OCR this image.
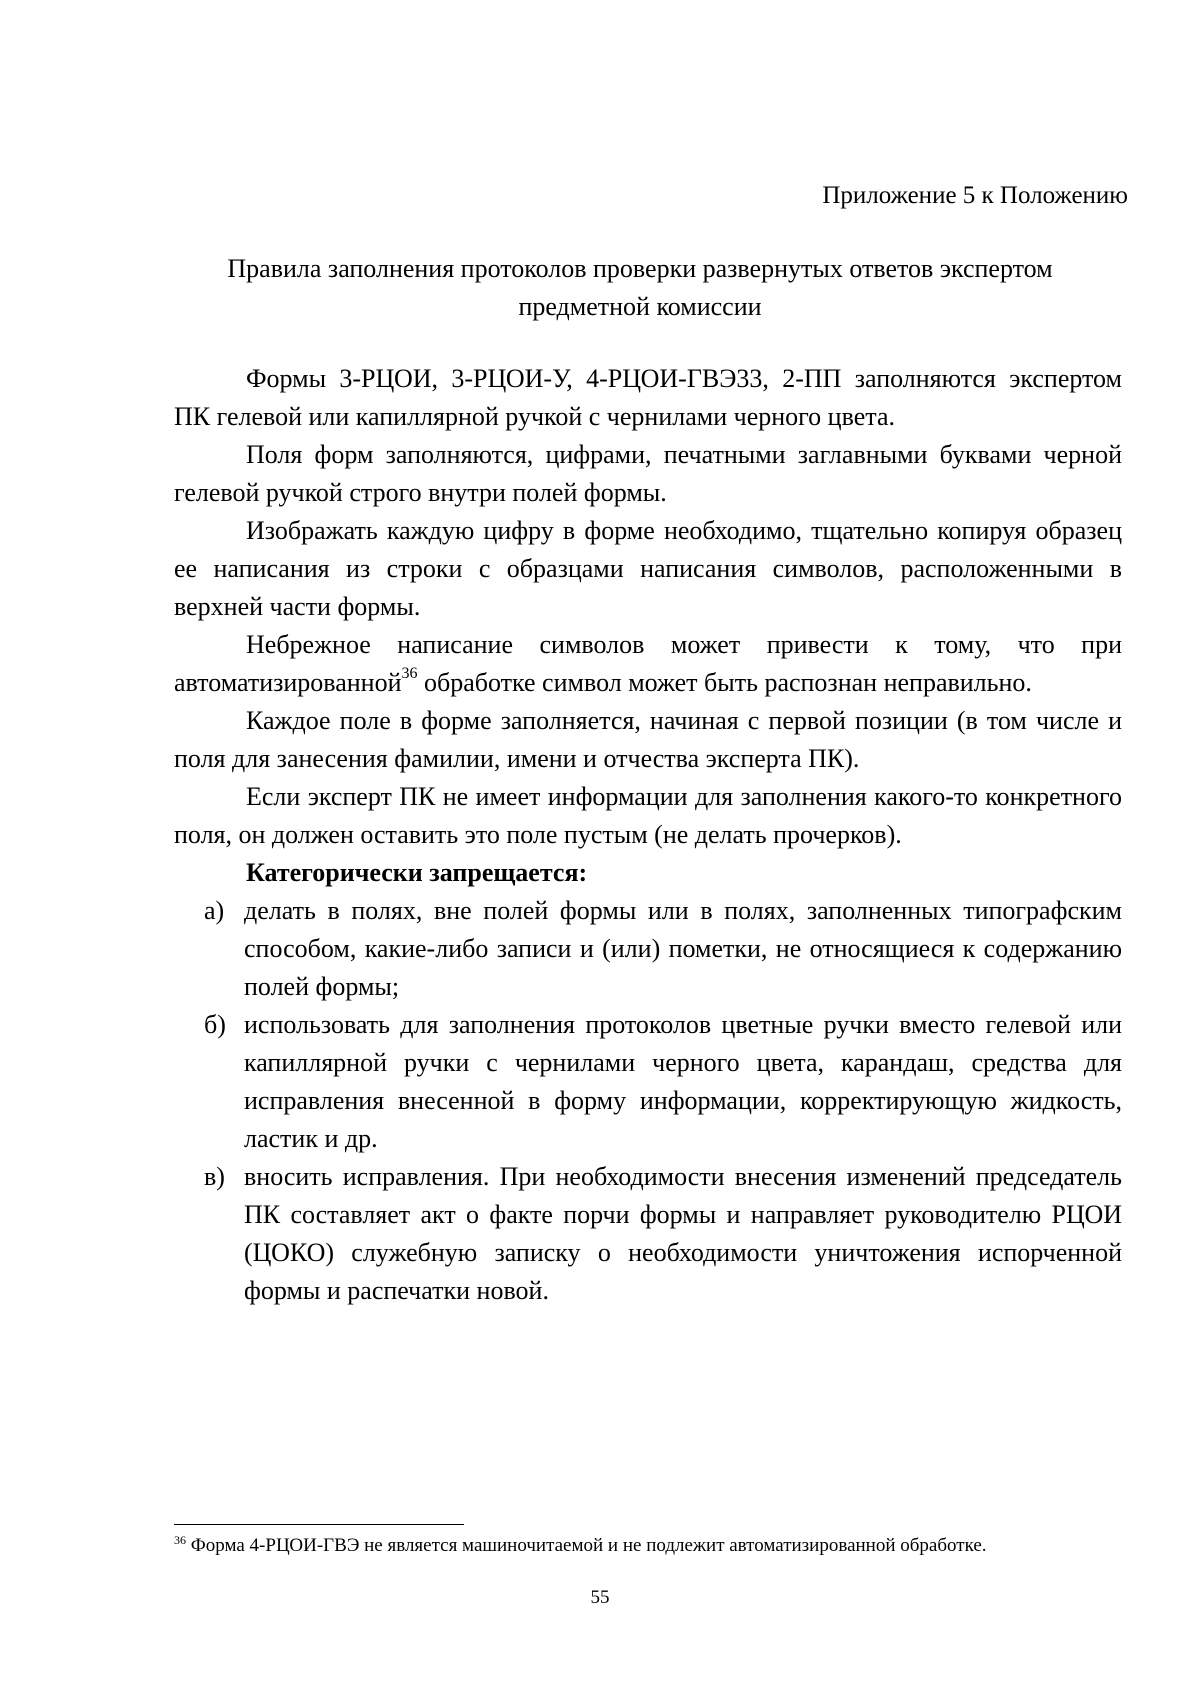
Приложение 5 к Положению
Правила заполнения протоколов проверки развернутых ответов экспертом
предметной комиссии

Формы 3-РЦОИ, 3-РЦОИ-У, 4-РЦОИ-ГВЭ33, 2-ПП заполняются экспертом ПК гелевой или капиллярной ручкой с чернилами черного цвета.

Поля форм заполняются, цифрами, печатными заглавными буквами черной гелевой ручкой строго внутри полей формы.

Изображать каждую цифру в форме необходимо, тщательно копируя образец ее написания из строки с образцами написания символов, расположенными в верхней части формы.

Небрежное написание символов может привести к тому, что при автоматизированной$^{36}$ обработке символ может быть распознан неправильно.

Каждое поле в форме заполняется, начиная с первой позиции (в том числе и поля для занесения фамилии, имени и отчества эксперта ПК).

Если эксперт ПК не имеет информации для заполнения какого-то конкретного поля, он должен оставить это поле пустым (не делать прочерков).

Категорически запрещается:

а) делать в полях, вне полей формы или в полях, заполненных типографским способом, какие-либо записи и (или) пометки, не относящиеся к содержанию полей формы;
б) использовать для заполнения протоколов цветные ручки вместо гелевой или капиллярной ручки с чернилами черного цвета, карандаш, средства для исправления внесенной в форму информации, корректирующую жидкость, ластик и др.
в) вносить исправления. При необходимости внесения изменений председатель ПК составляет акт о факте порчи формы и направляет руководителю РЦОИ (ЦОКО) служебную записку о необходимости уничтожения испорченной формы и распечатки новой.
$^{36}$ Форма 4-РЦОИ-ГВЭ не является машиночитаемой и не подлежит автоматизированной обработке.
55
